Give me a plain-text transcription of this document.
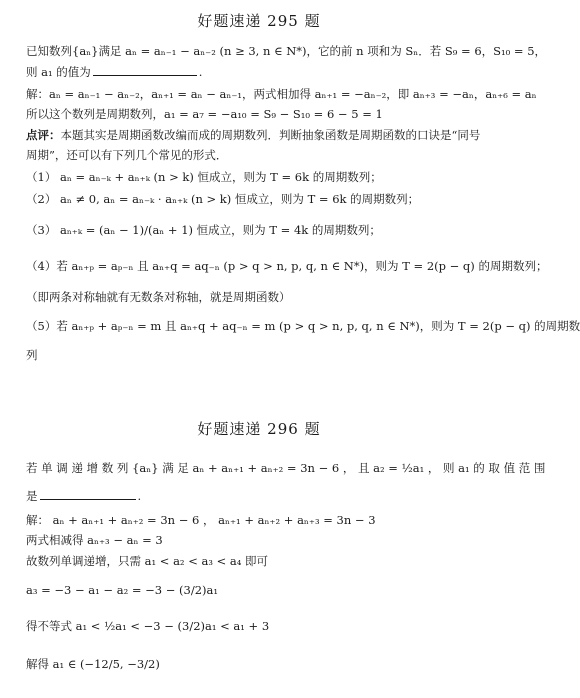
好题速递 295 题
已知数列{aₙ}满足 aₙ = aₙ₋₁ − aₙ₋₂ (n ≥ 3, n ∈ N*)，它的前 n 项和为 Sₙ．若 S₉ = 6，S₁₀ = 5，
则 a₁ 的值为	.
解：aₙ = aₙ₋₁ − aₙ₋₂，aₙ₊₁ = aₙ − aₙ₋₁，两式相加得 aₙ₊₁ = −aₙ₋₂，即 aₙ₊₃ = −aₙ，aₙ₊₆ = aₙ
所以这个数列是周期数列，a₁ = a₇ = −a₁₀ = S₉ − S₁₀ = 6 − 5 = 1
点评：本题其实是周期函数改编而成的周期数列．判断抽象函数是周期函数的口诀是“同号
周期”，还可以有下列几个常见的形式．
（1） aₙ = aₙ₋ₖ + aₙ₊ₖ (n > k) 恒成立，则为 T = 6k 的周期数列；
（2） aₙ ≠ 0, aₙ = aₙ₋ₖ · aₙ₊ₖ (n > k) 恒成立，则为 T = 6k 的周期数列；
（3） aₙ₊ₖ = (aₙ − 1)/(aₙ + 1) 恒成立，则为 T = 4k 的周期数列；
（4）若 aₙ₊ₚ = aₚ₋ₙ 且 aₙ₊q = aq₋ₙ (p > q > n, p, q, n ∈ N*)，则为 T = 2(p − q) 的周期数列；
（即两条对称轴就有无数条对称轴，就是周期函数）
（5）若 aₙ₊ₚ + aₚ₋ₙ = m 且 aₙ₊q + aq₋ₙ = m (p > q > n, p, q, n ∈ N*)，则为 T = 2(p − q) 的周期数
列
好题速递 296 题
若 单 调 递 增 数 列 {aₙ} 满 足 aₙ + aₙ₊₁ + aₙ₊₂ = 3n − 6 ， 且 a₂ = ½a₁ ， 则 a₁ 的 取 值 范 围
是	.
解： aₙ + aₙ₊₁ + aₙ₊₂ = 3n − 6 ， aₙ₊₁ + aₙ₊₂ + aₙ₊₃ = 3n − 3
两式相减得 aₙ₊₃ − aₙ = 3
故数列单调递增，只需 a₁ < a₂ < a₃ < a₄ 即可
a₃ = −3 − a₁ − a₂ = −3 − (3/2)a₁
得不等式 a₁ < ½a₁ < −3 − (3/2)a₁ < a₁ + 3
解得 a₁ ∈ (−12/5, −3/2)
